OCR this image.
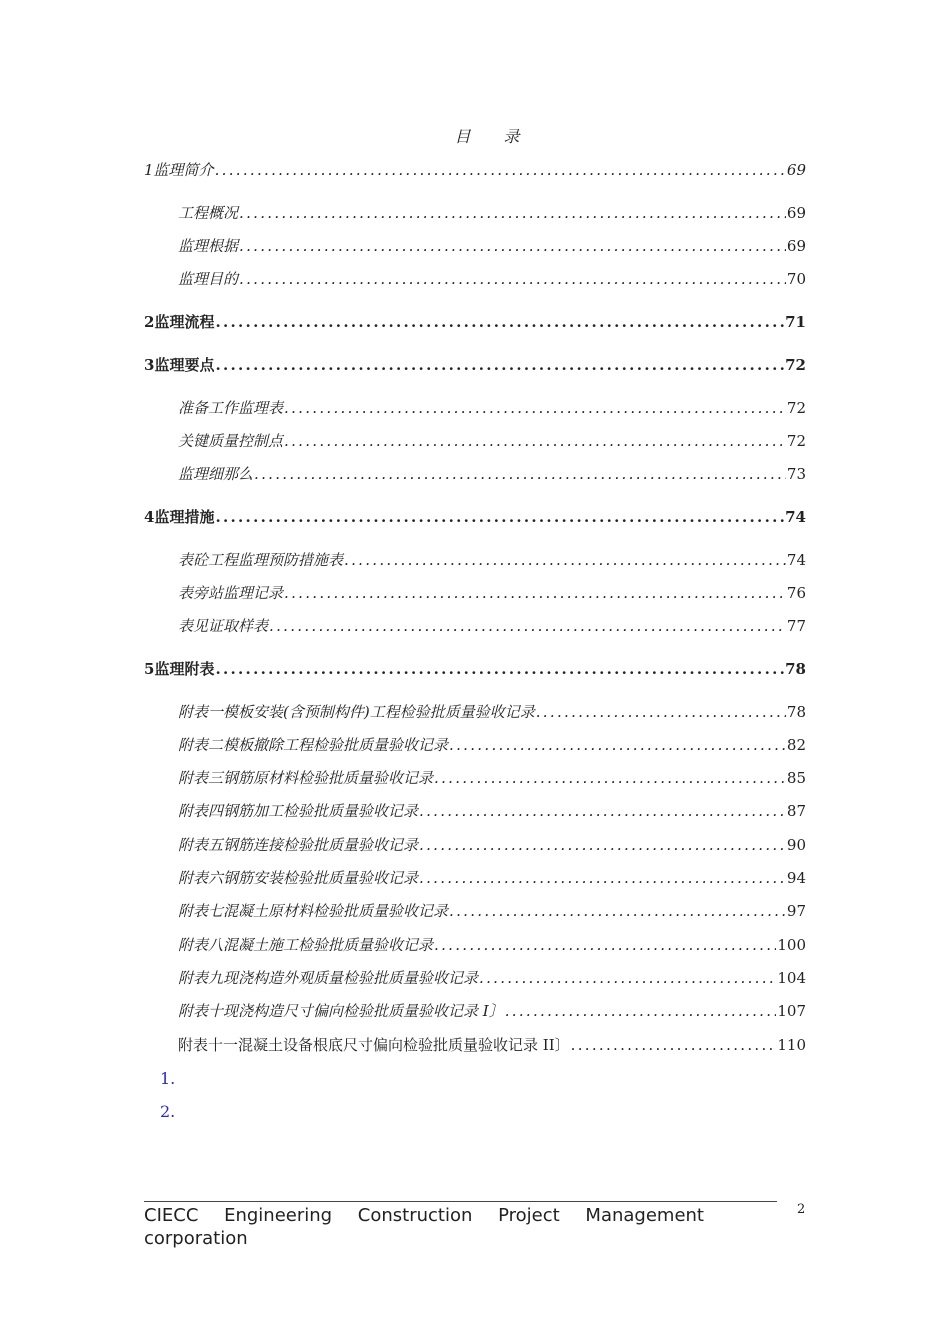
目 录
1 监理简介 .....	69
工程概况 .....	69
监理根据 .....	69
监理目的 .....	70
2 监理流程 .....	71
3 监理要点 .....	72
准备工作监理表 .....	72
关键质量控制点 .....	72
监理细那么 .....	73
4 监理措施 .....	74
表砼工程监理预防措施表 .....	74
表旁站监理记录 .....	76
表见证取样表 .....	77
5 监理附表 .....	78
附表一 模板安装(含预制构件)工程检验批质量验收记录 .....	78
附表二 模板撤除工程检验批质量验收记录 .....	82
附表三 钢筋原材料检验批质量验收记录 .....	85
附表四 钢筋加工检验批质量验收记录 .....	87
附表五 钢筋连接检验批质量验收记录 .....	90
附表六 钢筋安装检验批质量验收记录 .....	94
附表七 混凝土原材料检验批质量验收记录 .....	97
附表八 混凝土施工检验批质量验收记录 .....	100
附表九 现浇构造外观质量检验批质量验收记录 .....	104
附表十 现浇构造尺寸偏向检验批质量验收记录 I〕 .....	107
附表十一 混凝土设备根底尺寸偏向检验批质量验收记录 II〕 .....	110
1.
2.
CIECC Engineering Construction Project Management corporation
2
